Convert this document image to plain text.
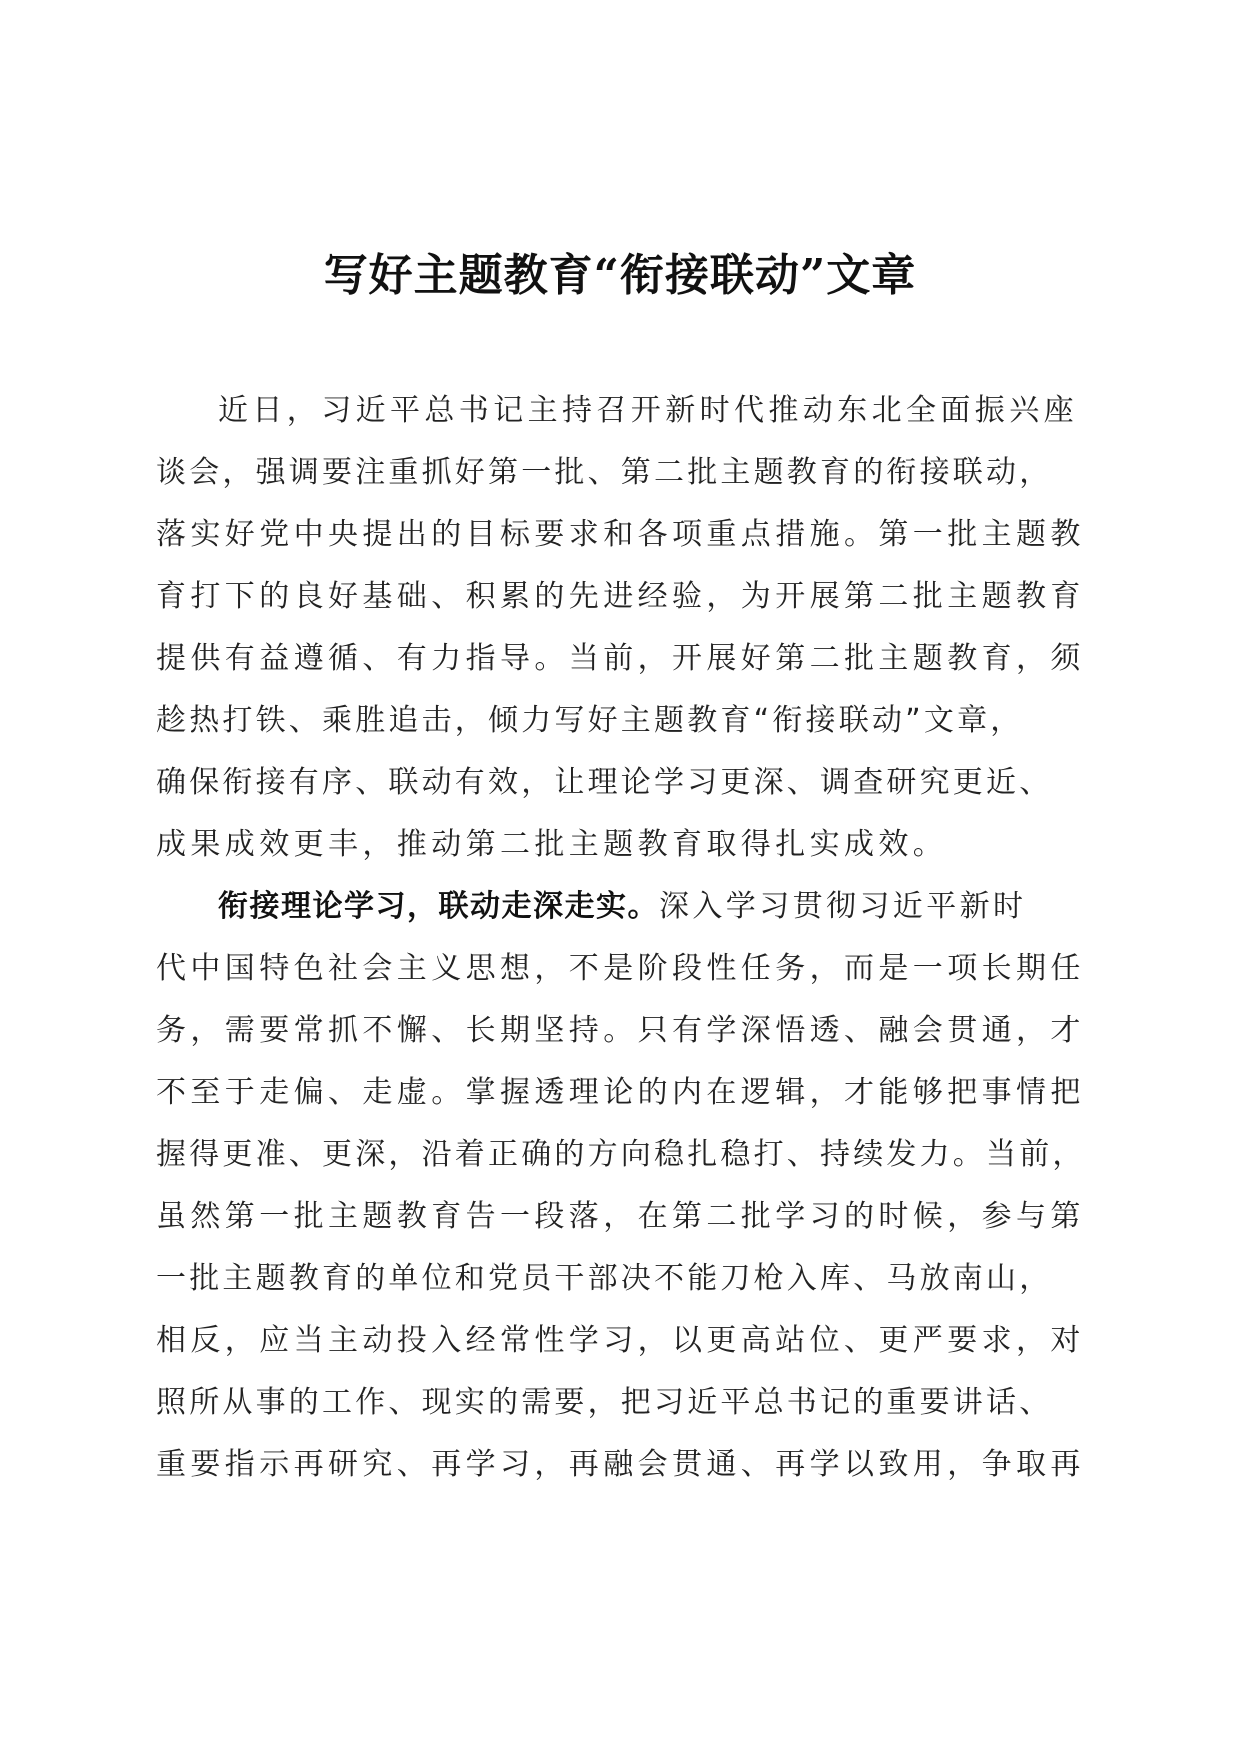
写好主题教育“衔接联动”文章
近日，习近平总书记主持召开新时代推动东北全面振兴座
谈会，强调要注重抓好第一批、第二批主题教育的衔接联动，
落实好党中央提出的目标要求和各项重点措施。第一批主题教
育打下的良好基础、积累的先进经验，为开展第二批主题教育
提供有益遵循、有力指导。当前，开展好第二批主题教育，须
趁热打铁、乘胜追击，倾力写好主题教育“衔接联动”文章，
确保衔接有序、联动有效，让理论学习更深、调查研究更近、
成果成效更丰，推动第二批主题教育取得扎实成效。
衔接理论学习，联动走深走实。深入学习贯彻习近平新时
代中国特色社会主义思想，不是阶段性任务，而是一项长期任
务，需要常抓不懈、长期坚持。只有学深悟透、融会贯通，才
不至于走偏、走虚。掌握透理论的内在逻辑，才能够把事情把
握得更准、更深，沿着正确的方向稳扎稳打、持续发力。当前，
虽然第一批主题教育告一段落，在第二批学习的时候，参与第
一批主题教育的单位和党员干部决不能刀枪入库、马放南山，
相反，应当主动投入经常性学习，以更高站位、更严要求，对
照所从事的工作、现实的需要，把习近平总书记的重要讲话、
重要指示再研究、再学习，再融会贯通、再学以致用，争取再
